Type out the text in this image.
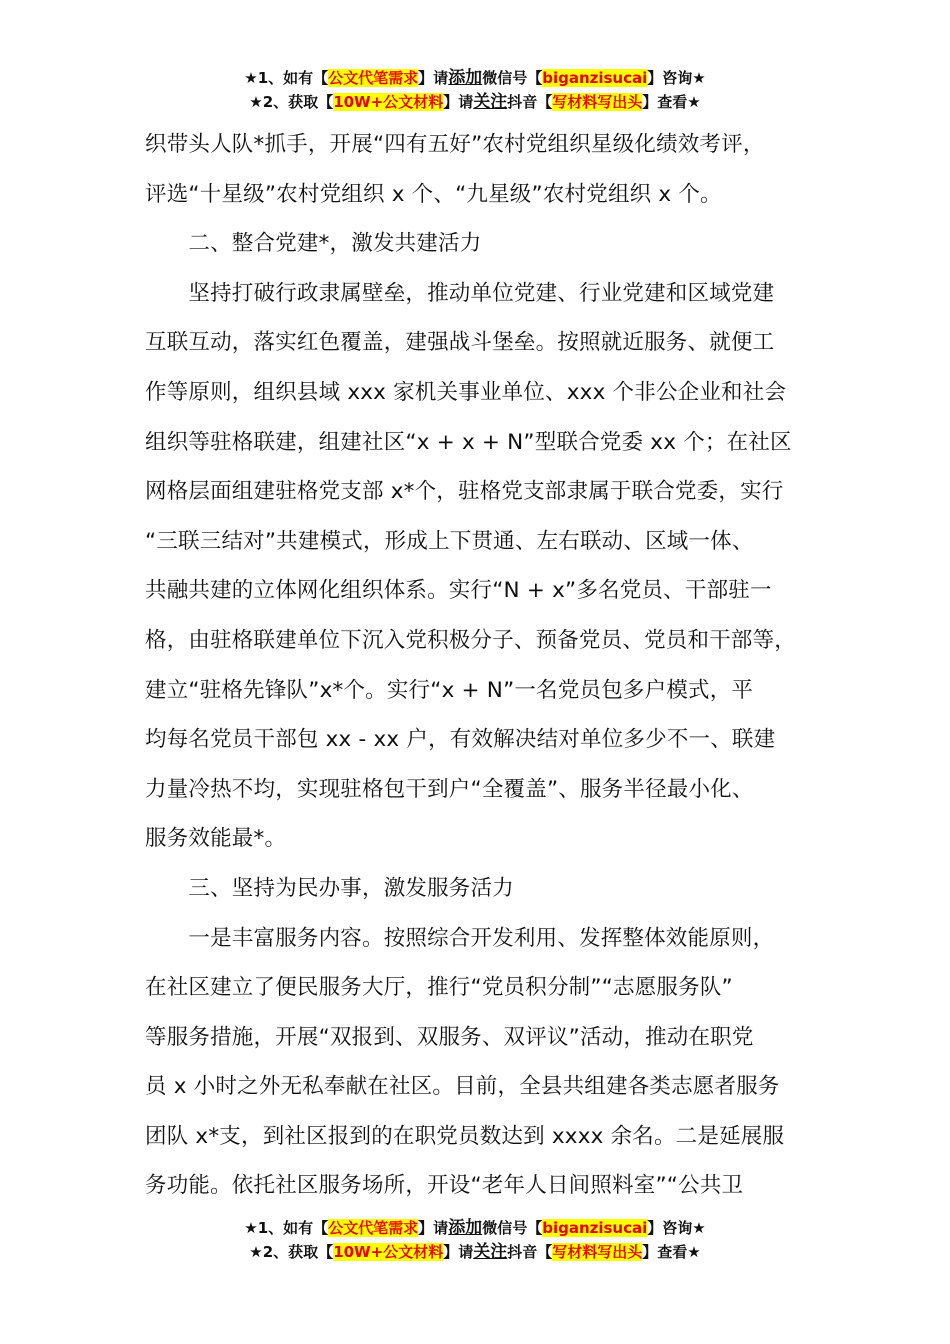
★1、如有【公文代笔需求】请添加微信号【biganzisucai】咨询★
★2、获取【10W+公文材料】请关注抖音【写材料写出头】查看★

织带头人队*抓手，开展“四有五好”农村党组织星级化绩效考评，

评选“十星级”农村党组织 x 个、“九星级”农村党组织 x 个。

　　二、整合党建*，激发共建活力

　　坚持打破行政隶属壁垒，推动单位党建、行业党建和区域党建

互联互动，落实红色覆盖，建强战斗堡垒。按照就近服务、就便工

作等原则，组织县域 xxx 家机关事业单位、xxx 个非公企业和社会

组织等驻格联建，组建社区“x + x + N”型联合党委 xx 个；在社区

网格层面组建驻格党支部 x*个，驻格党支部隶属于联合党委，实行

“三联三结对”共建模式，形成上下贯通、左右联动、区域一体、

共融共建的立体网化组织体系。实行“N + x”多名党员、干部驻一

格，由驻格联建单位下沉入党积极分子、预备党员、党员和干部等，

建立“驻格先锋队”x*个。实行“x + N”一名党员包多户模式，平

均每名党员干部包 xx - xx 户，有效解决结对单位多少不一、联建

力量冷热不均，实现驻格包干到户“全覆盖”、服务半径最小化、

服务效能最*。

　　三、坚持为民办事，激发服务活力

　　一是丰富服务内容。按照综合开发利用、发挥整体效能原则，

在社区建立了便民服务大厅，推行“党员积分制”“志愿服务队”

等服务措施，开展“双报到、双服务、双评议”活动，推动在职党

员 x 小时之外无私奉献在社区。目前，全县共组建各类志愿者服务

团队 x*支，到社区报到的在职党员数达到 xxxx 余名。二是延展服

务功能。依托社区服务场所，开设“老年人日间照料室”“公共卫

★1、如有【公文代笔需求】请添加微信号【biganzisucai】咨询★
★2、获取【10W+公文材料】请关注抖音【写材料写出头】查看★
